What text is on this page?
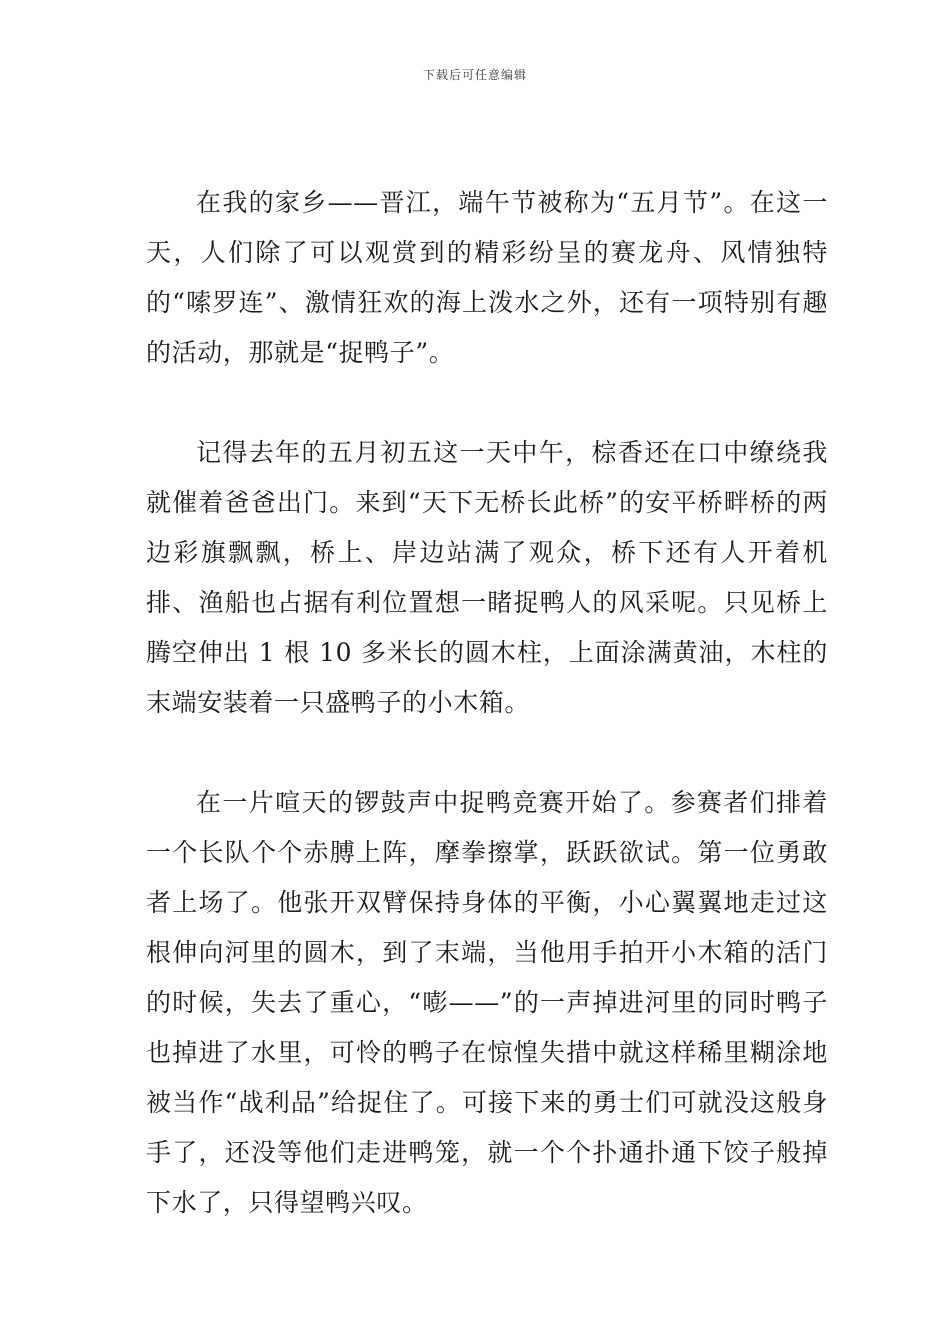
下载后可任意编辑

在我的家乡——晋江，端午节被称为“五月节”。在这一天，人们除了可以观赏到的精彩纷呈的赛龙舟、风情独特的“嗦罗连”、激情狂欢的海上泼水之外，还有一项特别有趣的活动，那就是“捉鸭子”。

记得去年的五月初五这一天中午，棕香还在口中缭绕我就催着爸爸出门。来到“天下无桥长此桥”的安平桥畔桥的两边彩旗飘飘，桥上、岸边站满了观众，桥下还有人开着机排、渔船也占据有利位置想一睹捉鸭人的风采呢。只见桥上腾空伸出 1 根 10 多米长的圆木柱，上面涂满黄油，木柱的末端安装着一只盛鸭子的小木箱。

在一片喧天的锣鼓声中捉鸭竞赛开始了。参赛者们排着一个长队个个赤膊上阵，摩拳擦掌，跃跃欲试。第一位勇敢者上场了。他张开双臂保持身体的平衡，小心翼翼地走过这根伸向河里的圆木，到了末端，当他用手拍开小木箱的活门的时候，失去了重心，“嘭——”的一声掉进河里的同时鸭子也掉进了水里，可怜的鸭子在惊惶失措中就这样稀里糊涂地被当作“战利品”给捉住了。可接下来的勇士们可就没这般身手了，还没等他们走进鸭笼，就一个个扑通扑通下饺子般掉下水了，只得望鸭兴叹。
